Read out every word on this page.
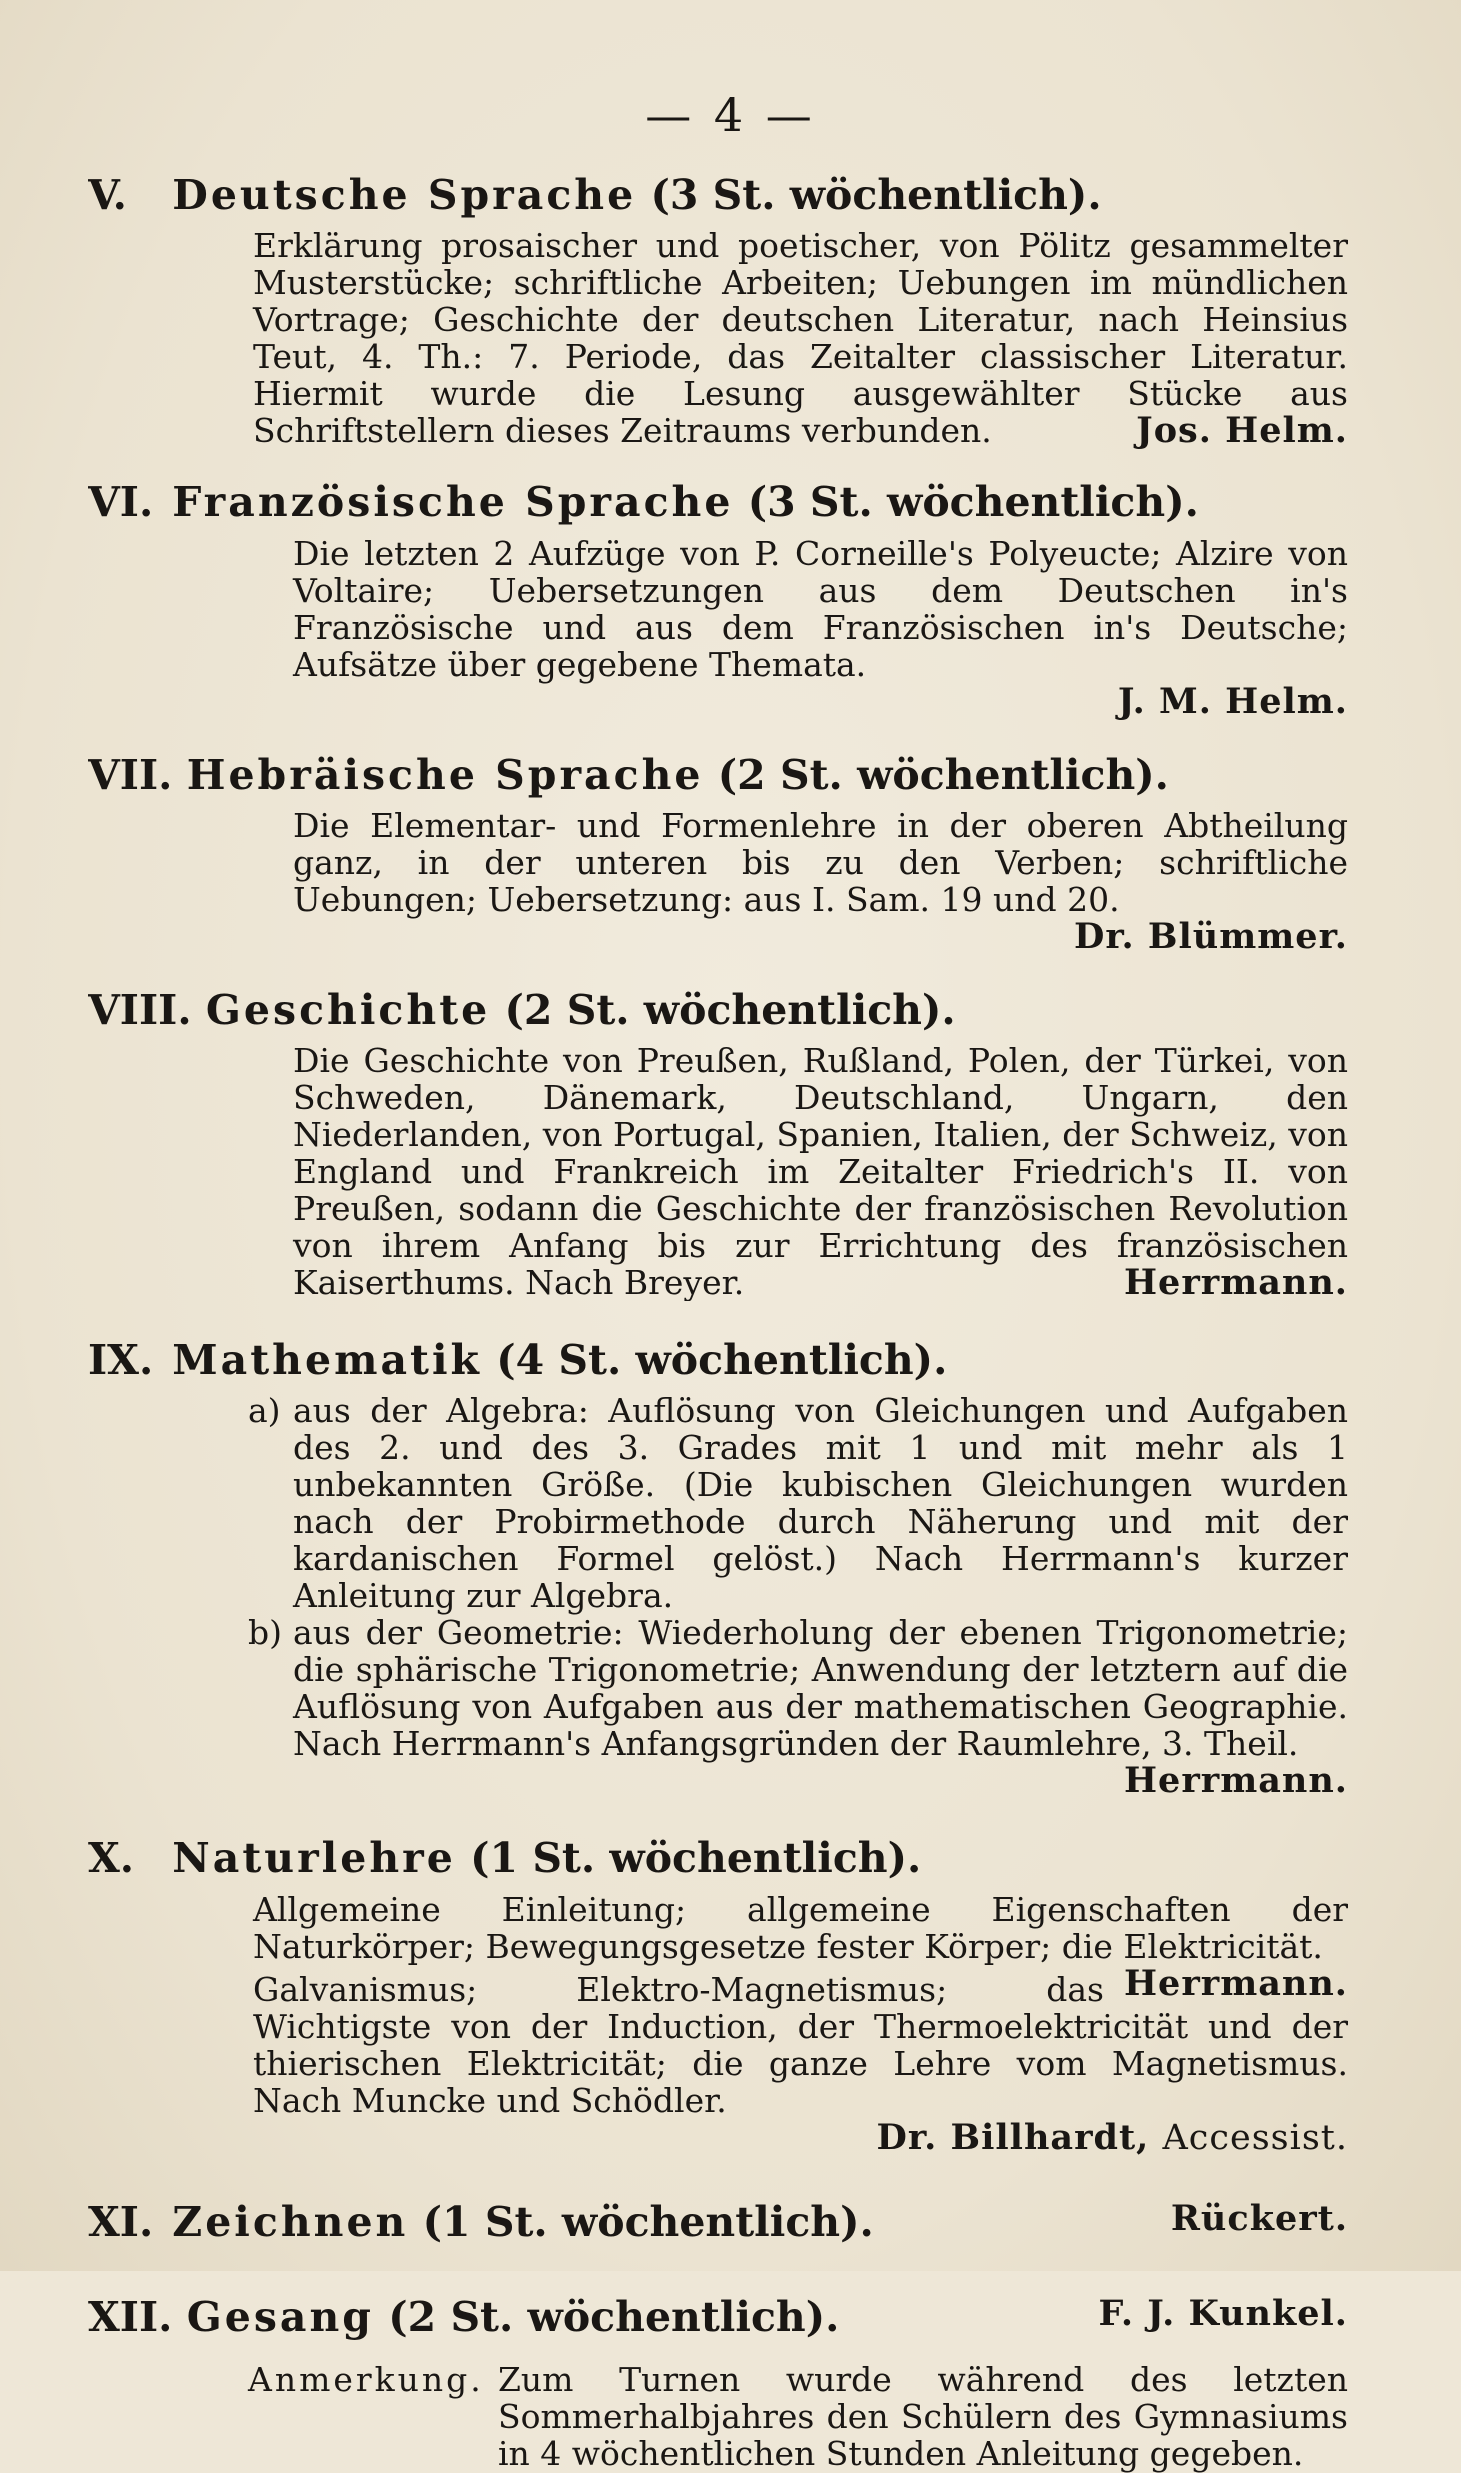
— 4 —
V. Deutsche Sprache (3 St. wöchentlich).

Erklärung prosaischer und poetischer, von Pölitz gesammelter Musterstücke; schriftliche Arbeiten; Uebungen im mündlichen Vortrage; Geschichte der deutschen Literatur, nach Heinsius Teut, 4. Th.: 7. Periode, das Zeitalter classischer Literatur. Hiermit wurde die Lesung ausgewählter Stücke aus Schriftstellern dieses Zeitraums verbunden.	Jos. Helm.

VI. Französische Sprache (3 St. wöchentlich).

Die letzten 2 Aufzüge von P. Corneille's Polyeucte; Alzire von Voltaire; Uebersetzungen aus dem Deutschen in's Französische und aus dem Französischen in's Deutsche; Aufsätze über gegebene Themata.
J. M. Helm.

VII. Hebräische Sprache (2 St. wöchentlich).

Die Elementar- und Formenlehre in der oberen Abtheilung ganz, in der unteren bis zu den Verben; schriftliche Uebungen; Uebersetzung: aus I. Sam. 19 und 20.
Dr. Blümmer.

VIII. Geschichte (2 St. wöchentlich).

Die Geschichte von Preußen, Rußland, Polen, der Türkei, von Schweden, Dänemark, Deutschland, Ungarn, den Niederlanden, von Portugal, Spanien, Italien, der Schweiz, von England und Frankreich im Zeitalter Friedrich's II. von Preußen, sodann die Geschichte der französischen Revolution von ihrem Anfang bis zur Errichtung des französischen Kaiserthums. Nach Breyer.	Herrmann.

IX. Mathematik (4 St. wöchentlich).
a) aus der Algebra: Auflösung von Gleichungen und Aufgaben des 2. und des 3. Grades mit 1 und mit mehr als 1 unbekannten Größe. (Die kubischen Gleichungen wurden nach der Probirmethode durch Näherung und mit der kardanischen Formel gelöst.) Nach Herrmann's kurzer Anleitung zur Algebra.
b) aus der Geometrie: Wiederholung der ebenen Trigonometrie; die sphärische Trigonometrie; Anwendung der letztern auf die Auflösung von Aufgaben aus der mathematischen Geographie. Nach Herrmann's Anfangsgründen der Raumlehre, 3. Theil.
Herrmann.
X. Naturlehre (1 St. wöchentlich).

Allgemeine Einleitung; allgemeine Eigenschaften der Naturkörper; Bewegungsgesetze fester Körper; die Elektricität.
Herrmann.

Galvanismus; Elektro-Magnetismus; das Wichtigste von der Induction, der Thermoelektricität und der thierischen Elektricität; die ganze Lehre vom Magnetismus. Nach Muncke und Schödler.
Dr. Billhardt, Accessist.

XI. Zeichnen (1 St. wöchentlich).	Rückert.
XII. Gesang (2 St. wöchentlich).	F. J. Kunkel.
Anmerkung. Zum Turnen wurde während des letzten Sommerhalbjahres den Schülern des Gymnasiums in 4 wöchentlichen Stunden Anleitung gegeben.
